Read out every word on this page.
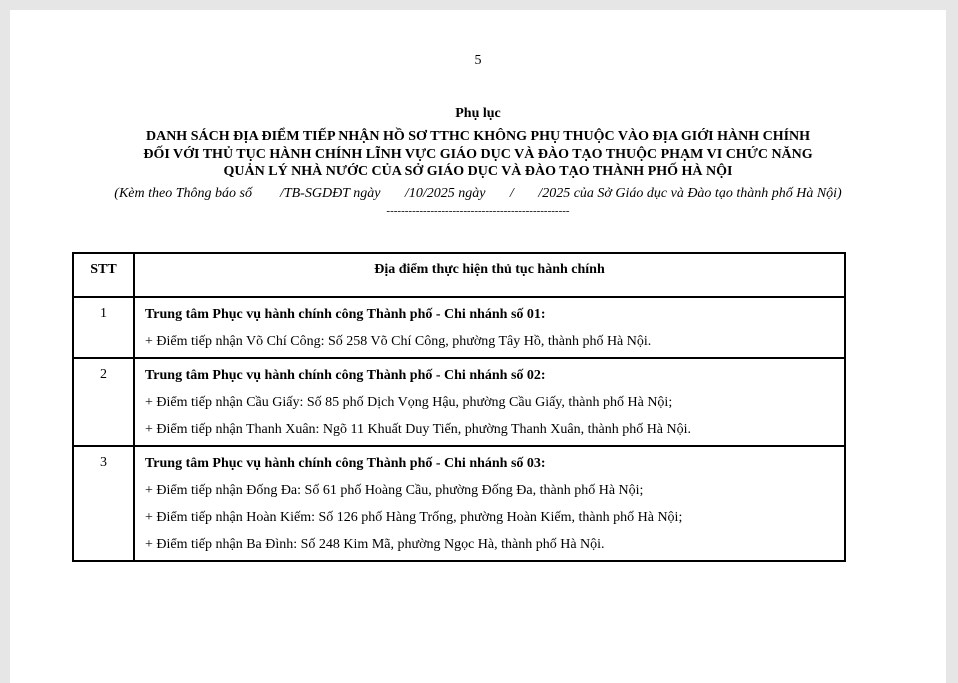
5
Phụ lục
DANH SÁCH ĐỊA ĐIỂM TIẾP NHẬN HỒ SƠ TTHC KHÔNG PHỤ THUỘC VÀO ĐỊA GIỚI HÀNH CHÍNH
ĐỐI VỚI THỦ TỤC HÀNH CHÍNH LĨNH VỰC GIÁO DỤC VÀ ĐÀO TẠO THUỘC PHẠM VI CHỨC NĂNG
QUẢN LÝ NHÀ NƯỚC CỦA SỞ GIÁO DỤC VÀ ĐÀO TẠO THÀNH PHỐ HÀ NỘI
(Kèm theo Thông báo số        /TB-SGDĐT ngày       /10/2025 ngày       /       /2025 của Sở Giáo dục và Đào tạo thành phố Hà Nội)
--------------------------------------------------
STT	Địa điểm thực hiện thủ tục hành chính
1	Trung tâm Phục vụ hành chính công Thành phố - Chi nhánh số 01:
+ Điểm tiếp nhận Võ Chí Công: Số 258 Võ Chí Công, phường Tây Hồ, thành phố Hà Nội.

2	Trung tâm Phục vụ hành chính công Thành phố - Chi nhánh số 02:
+ Điểm tiếp nhận Cầu Giấy: Số 85 phố Dịch Vọng Hậu, phường Cầu Giấy, thành phố Hà Nội;
+ Điểm tiếp nhận Thanh Xuân: Ngõ 11 Khuất Duy Tiến, phường Thanh Xuân, thành phố Hà Nội.

3	Trung tâm Phục vụ hành chính công Thành phố - Chi nhánh số 03:
+ Điểm tiếp nhận Đống Đa: Số 61 phố Hoàng Cầu, phường Đống Đa, thành phố Hà Nội;
+ Điểm tiếp nhận Hoàn Kiếm: Số 126 phố Hàng Trống, phường Hoàn Kiếm, thành phố Hà Nội;
+ Điểm tiếp nhận Ba Đình: Số 248 Kim Mã, phường Ngọc Hà, thành phố Hà Nội.
